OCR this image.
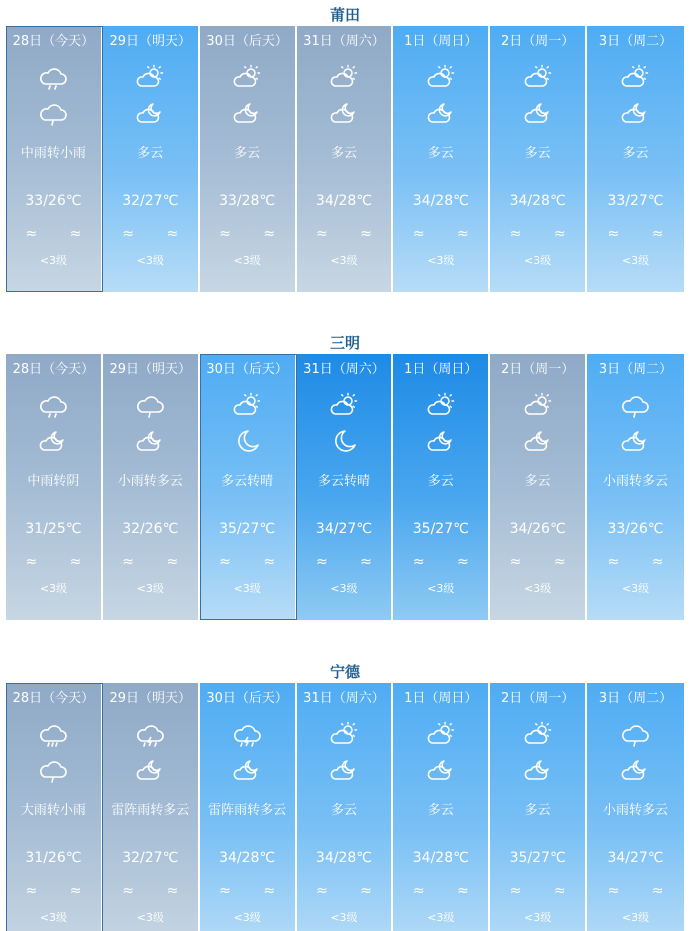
莆田
28日（今天）
中雨转小雨
33/26℃
≈ ≈
<3级
29日（明天）
多云
32/27℃
≈ ≈
<3级
30日（后天）
多云
33/28℃
≈ ≈
<3级
31日（周六）
多云
34/28℃
≈ ≈
<3级
1日（周日）
多云
34/28℃
≈ ≈
<3级
2日（周一）
多云
34/28℃
≈ ≈
<3级
3日（周二）
多云
33/27℃
≈ ≈
<3级
三明
28日（今天）
中雨转阴
31/25℃
≈ ≈
<3级
29日（明天）
小雨转多云
32/26℃
≈ ≈
<3级
30日（后天）
多云转晴
35/27℃
≈ ≈
<3级
31日（周六）
多云转晴
34/27℃
≈ ≈
<3级
1日（周日）
多云
35/27℃
≈ ≈
<3级
2日（周一）
多云
34/26℃
≈ ≈
<3级
3日（周二）
小雨转多云
33/26℃
≈ ≈
<3级
宁德
28日（今天）
大雨转小雨
31/26℃
≈ ≈
<3级
29日（明天）
雷阵雨转多云
32/27℃
≈ ≈
<3级
30日（后天）
雷阵雨转多云
34/28℃
≈ ≈
<3级
31日（周六）
多云
34/28℃
≈ ≈
<3级
1日（周日）
多云
34/28℃
≈ ≈
<3级
2日（周一）
多云
35/27℃
≈ ≈
<3级
3日（周二）
小雨转多云
34/27℃
≈ ≈
<3级
